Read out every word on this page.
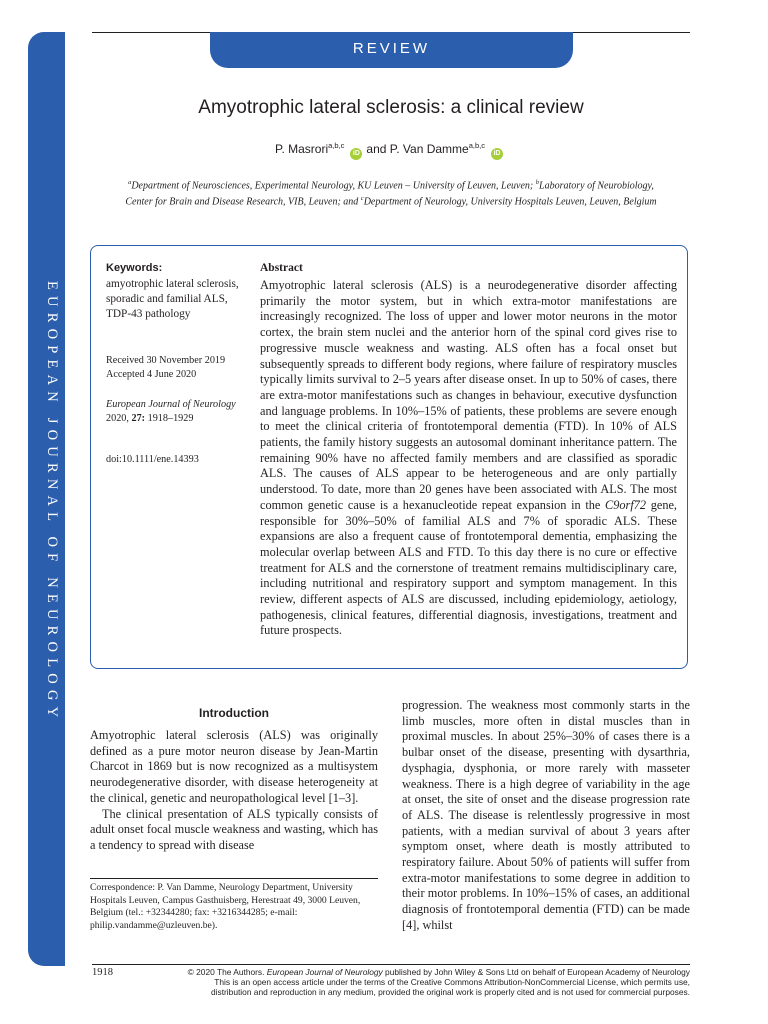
EUROPEAN JOURNAL OF NEUROLOGY
REVIEW
Amyotrophic lateral sclerosis: a clinical review
P. Masrori$^{a,b,c}$iD and P. Van Damme$^{a,b,c}$iD
$^a$Department of Neurosciences, Experimental Neurology, KU Leuven – University of Leuven, Leuven; $^b$Laboratory of Neurobiology,
Center for Brain and Disease Research, VIB, Leuven; and $^c$Department of Neurology, University Hospitals Leuven, Leuven, Belgium
Keywords:
amyotrophic lateral sclerosis, sporadic and familial ALS, TDP-43 pathology
Received 30 November 2019
Accepted 4 June 2020
European Journal of Neurology 2020, 27: 1918–1929
doi:10.1111/ene.14393
Abstract
Amyotrophic lateral sclerosis (ALS) is a neurodegenerative disorder affecting primarily the motor system, but in which extra-motor manifestations are increasingly recognized. The loss of upper and lower motor neurons in the motor cortex, the brain stem nuclei and the anterior horn of the spinal cord gives rise to progressive muscle weakness and wasting. ALS often has a focal onset but subsequently spreads to different body regions, where failure of respiratory muscles typically limits survival to 2–5 years after disease onset. In up to 50% of cases, there are extra-motor manifestations such as changes in behaviour, executive dysfunction and language problems. In 10%–15% of patients, these problems are severe enough to meet the clinical criteria of frontotemporal dementia (FTD). In 10% of ALS patients, the family history suggests an autosomal dominant inheritance pattern. The remaining 90% have no affected family members and are classified as sporadic ALS. The causes of ALS appear to be heterogeneous and are only partially understood. To date, more than 20 genes have been associated with ALS. The most common genetic cause is a hexanucleotide repeat expansion in the C9orf72 gene, responsible for 30%–50% of familial ALS and 7% of sporadic ALS. These expansions are also a frequent cause of frontotemporal dementia, emphasizing the molecular overlap between ALS and FTD. To this day there is no cure or effective treatment for ALS and the cornerstone of treatment remains multidisciplinary care, including nutritional and respiratory support and symptom management. In this review, different aspects of ALS are discussed, including epidemiology, aetiology, pathogenesis, clinical features, differential diagnosis, investigations, treatment and future prospects.
Introduction

Amyotrophic lateral sclerosis (ALS) was originally defined as a pure motor neuron disease by Jean-Martin Charcot in 1869 but is now recognized as a multisystem neurodegenerative disorder, with disease heterogeneity at the clinical, genetic and neuropathological level [1–3].

The clinical presentation of ALS typically consists of adult onset focal muscle weakness and wasting, which has a tendency to spread with disease

progression. The weakness most commonly starts in the limb muscles, more often in distal muscles than in proximal muscles. In about 25%–30% of cases there is a bulbar onset of the disease, presenting with dysarthria, dysphagia, dysphonia, or more rarely with masseter weakness. There is a high degree of variability in the age at onset, the site of onset and the disease progression rate of ALS. The disease is relentlessly progressive in most patients, with a median survival of about 3 years after symptom onset, where death is mostly attributed to respiratory failure. About 50% of patients will suffer from extra-motor manifestations to some degree in addition to their motor problems. In 10%–15% of cases, an additional diagnosis of frontotemporal dementia (FTD) can be made [4], whilst

Correspondence: P. Van Damme, Neurology Department, University Hospitals Leuven, Campus Gasthuisberg, Herestraat 49, 3000 Leuven, Belgium (tel.: +32344280; fax: +3216344285; e-mail: philip.vandamme@uzleuven.be).
1918	© 2020 The Authors. European Journal of Neurology published by John Wiley & Sons Ltd on behalf of European Academy of Neurology
This is an open access article under the terms of the Creative Commons Attribution-NonCommercial License, which permits use,
distribution and reproduction in any medium, provided the original work is properly cited and is not used for commercial purposes.
